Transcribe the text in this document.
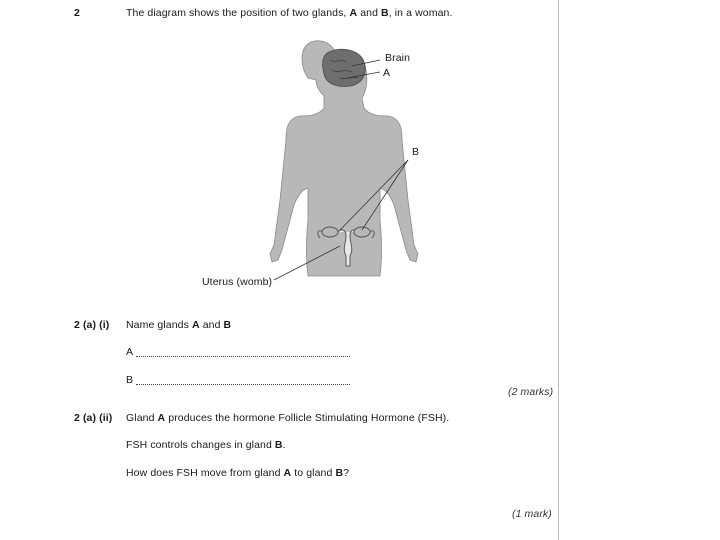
2	The diagram shows the position of two glands, A and B, in a woman.
Brain
A
B
Uterus (womb)
2 (a) (i) Name glands A and B
A
B
(2 marks)
2 (a) (ii) Gland A produces the hormone Follicle Stimulating Hormone (FSH).
FSH controls changes in gland B.
How does FSH move from gland A to gland B?
(1 mark)
